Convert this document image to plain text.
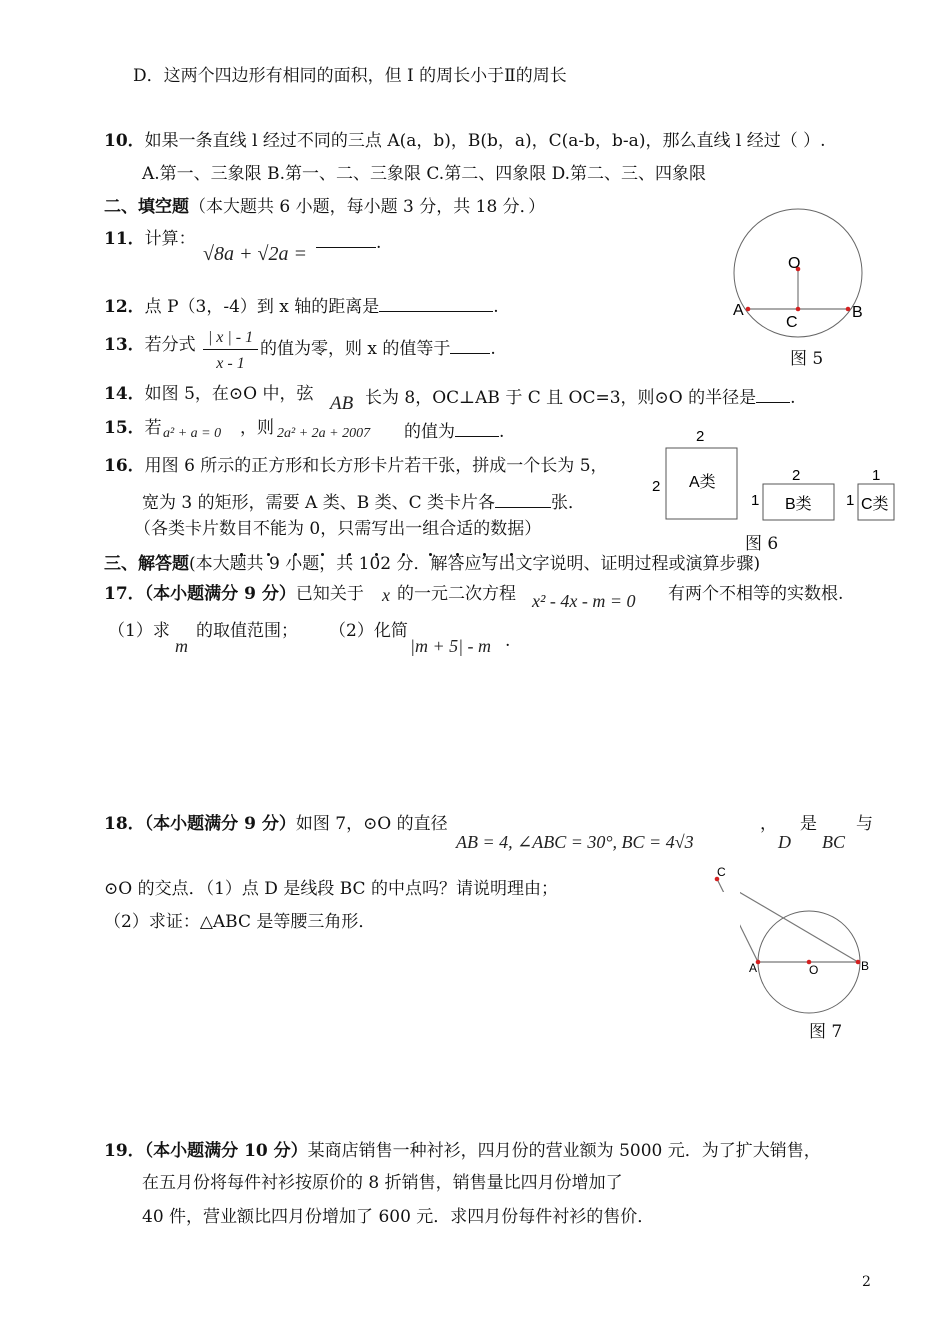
D．这两个四边形有相同的面积，但 I 的周长小于Ⅱ的周长
10．如果一条直线 l 经过不同的三点 A(a，b)，B(b，a)，C(a-b，b-a)，那么直线 l 经过（ ）.
A.第一、三象限 B.第一、二、三象限 C.第二、四象限 D.第二、三、四象限
二、填空题（本大题共 6 小题，每小题 3 分，共 18 分．）
11．计算：
√8a + √2a =	.
12．点 P（3，-4）到 x 轴的距离是	.
13．若分式 | x | - 1
x - 1
的值为零，则 x 的值等于 .
14．如图 5，在⊙O 中，弦 AB 长为 8，OC⊥AB 于 C 且 OC=3，则⊙O 的半径是 .
15．若 a² + a = 0 ，则 2a² + 2a + 2007 的值为	.
16．用图 6 所示的正方形和长方形卡片若干张，拼成一个长为 5，
宽为 3 的矩形，需要 A 类、B 类、C 类卡片各	张．
（各类卡片数目不能为 0，只需写出一组合适的数据）
三、解答题(本大题共 9 小题，共 102 分．解答应写出文字说明、证明过程或演算步骤)
17．（本小题满分 9 分）已知关于 x 的一元二次方程 x² - 4x - m = 0 有两个不相等的实数根.
（1）求
m
的取值范围； （2）化简
|m + 5| - m .
18．（本小题满分 9 分）如图 7，⊙O 的直径
AB = 4, ∠ABC = 30°, BC = 4√3
，
D
是
BC
与
⊙O 的交点．（1）点 D 是线段 BC 的中点吗？请说明理由；
（2）求证：△ABC 是等腰三角形．
19．（本小题满分 10 分）某商店销售一种衬衫，四月份的营业额为 5000 元．为了扩大销售，
在五月份将每件衬衫按原价的 8 折销售，销售量比四月份增加了
40 件，营业额比四月份增加了 600 元．求四月份每件衬衫的售价．
O
A	B
C
图 5
2
2 A类	2
1 B类
1
1 C类
图 6
A	O	B
C
图 7
2
